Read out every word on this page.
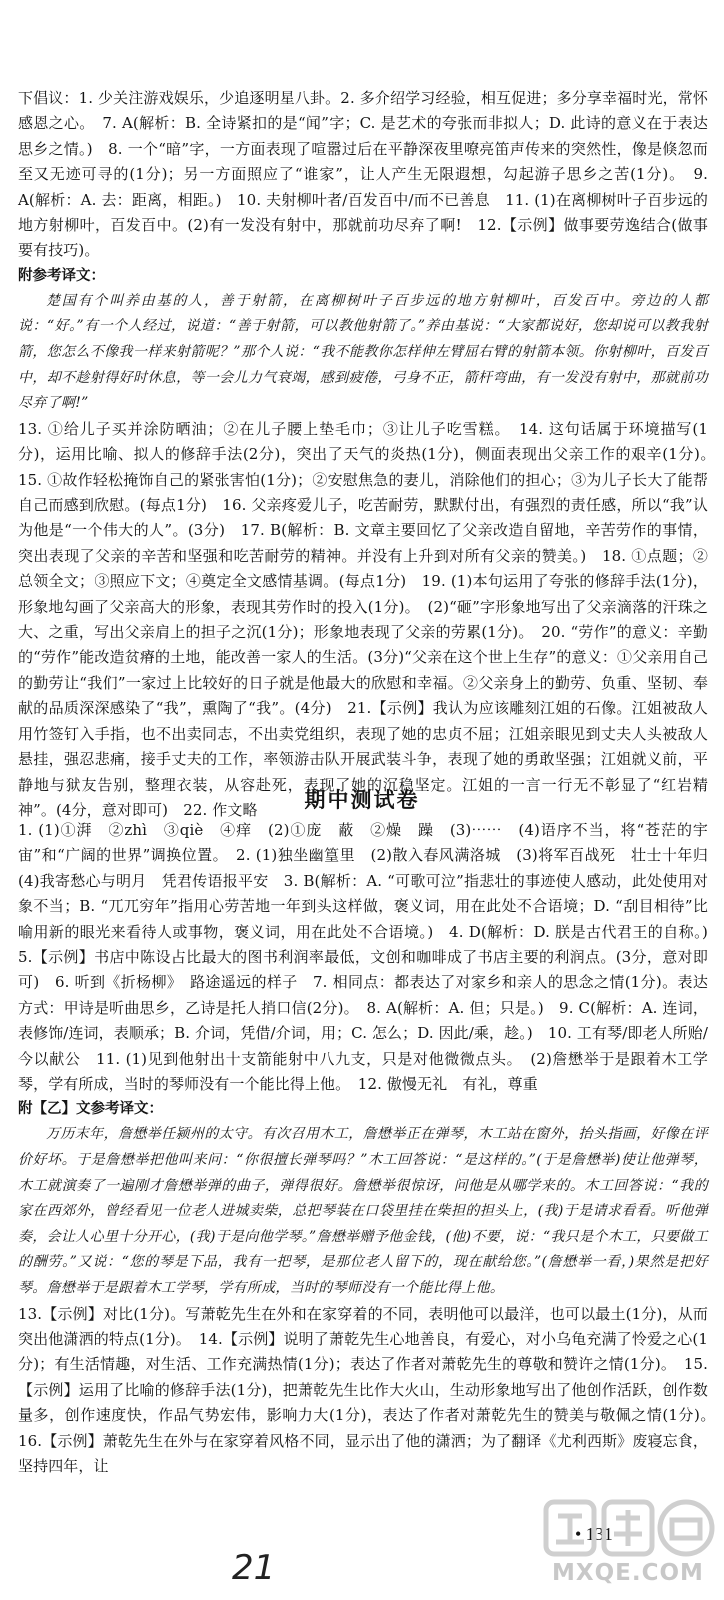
下倡议：1. 少关注游戏娱乐，少追逐明星八卦。2. 多介绍学习经验，相互促进；多分享幸福时光，常怀感恩之心。　7. A(解析：B. 全诗紧扣的是“闻”字；C. 是艺术的夸张而非拟人；D. 此诗的意义在于表达思乡之情。)　8. 一个“暗”字，一方面表现了喧嚣过后在平静深夜里嘹亮笛声传来的突然性，像是倏忽而至又无迹可寻的(1分)；另一方面照应了“谁家”，让人产生无限遐想，勾起游子思乡之苦(1分)。　9. A(解析：A. 去：距离，相距。)　10. 夫射柳叶者/百发百中/而不已善息　11. (1)在离柳树叶子百步远的地方射柳叶，百发百中。(2)有一发没有射中，那就前功尽弃了啊!　12.【示例】做事要劳逸结合(做事要有技巧)。

附参考译文：

楚国有个叫养由基的人，善于射箭，在离柳树叶子百步远的地方射柳叶，百发百中。旁边的人都说：“好。”有一个人经过，说道：“善于射箭，可以教他射箭了。”养由基说：“大家都说好，您却说可以教我射箭，您怎么不像我一样来射箭呢？”那个人说：“我不能教你怎样伸左臂屈右臂的射箭本领。你射柳叶，百发百中，却不趁射得好时休息，等一会儿力气衰竭，感到疲倦，弓身不正，箭杆弯曲，有一发没有射中，那就前功尽弃了啊!”

13. ①给儿子买并涂防晒油；②在儿子腰上垫毛巾；③让儿子吃雪糕。　14. 这句话属于环境描写(1分)，运用比喻、拟人的修辞手法(2分)，突出了天气的炎热(1分)，侧面表现出父亲工作的艰辛(1分)。　15. ①故作轻松掩饰自己的紧张害怕(1分)；②安慰焦急的妻儿，消除他们的担心；③为儿子长大了能帮自己而感到欣慰。(每点1分)　16. 父亲疼爱儿子，吃苦耐劳，默默付出，有强烈的责任感，所以“我”认为他是“一个伟大的人”。(3分)　17. B(解析：B. 文章主要回忆了父亲改造自留地，辛苦劳作的事情，突出表现了父亲的辛苦和坚强和吃苦耐劳的精神。并没有上升到对所有父亲的赞美。)　18. ①点题；②总领全文；③照应下文；④奠定全文感情基调。(每点1分)　19. (1)本句运用了夸张的修辞手法(1分)，形象地勾画了父亲高大的形象，表现其劳作时的投入(1分)。　(2)“砸”字形象地写出了父亲滴落的汗珠之大、之重，写出父亲肩上的担子之沉(1分)；形象地表现了父亲的劳累(1分)。　20. “劳作”的意义：辛勤的“劳作”能改造贫瘠的土地，能改善一家人的生活。(3分)“父亲在这个世上生存”的意义：①父亲用自己的勤劳让“我们”一家过上比较好的日子就是他最大的欣慰和幸福。②父亲身上的勤劳、负重、坚韧、奉献的品质深深感染了“我”，熏陶了“我”。(4分)　21.【示例】我认为应该雕刻江姐的石像。江姐被敌人用竹签钉入手指，也不出卖同志，不出卖党组织，表现了她的忠贞不屈；江姐亲眼见到丈夫人头被敌人悬挂，强忍悲痛，接手丈夫的工作，率领游击队开展武装斗争，表现了她的勇敢坚强；江姐就义前，平静地与狱友告别，整理衣装，从容赴死，表现了她的沉稳坚定。江姐的一言一行无不彰显了“红岩精神”。(4分，意对即可)　22. 作文略	期中测试卷

1. (1)①湃　②zhì　③qiè　④痒　(2)①庞　蔽　②燥　躁　(3)⋯⋯　(4)语序不当，将“苍茫的宇宙”和“广阔的世界”调换位置。　2. (1)独坐幽篁里　(2)散入春风满洛城　(3)将军百战死　壮士十年归　(4)我寄愁心与明月　凭君传语报平安　3. B(解析：A. “可歌可泣”指悲壮的事迹使人感动，此处使用对象不当；B. “兀兀穷年”指用心劳苦地一年到头这样做，褒义词，用在此处不合语境；D. “刮目相待”比喻用新的眼光来看待人或事物，褒义词，用在此处不合语境。)　4. D(解析：D. 朕是古代君王的自称。)　5.【示例】书店中陈设占比最大的图书利润率最低，文创和咖啡成了书店主要的利润点。(3分，意对即可)　6. 听到《折杨柳》　路途遥远的样子　7. 相同点：都表达了对家乡和亲人的思念之情(1分)。表达方式：甲诗是听曲思乡，乙诗是托人捎口信(2分)。　8. A(解析：A. 但；只是。)　9. C(解析：A. 连词，表修饰/连词，表顺承；B. 介词，凭借/介词，用；C. 怎么；D. 因此/乘，趁。)　10. 工有琴/即老人所贻/今以献公　11. (1)见到他射出十支箭能射中八九支，只是对他微微点头。　(2)詹懋举于是跟着木工学琴，学有所成，当时的琴师没有一个能比得上他。　12. 傲慢无礼　有礼，尊重

附【乙】文参考译文：

万历末年，詹懋举任颍州的太守。有次召用木工，詹懋举正在弹琴，木工站在窗外，抬头指画，好像在评价好坏。于是詹懋举把他叫来问：“你很擅长弹琴吗？”木工回答说：“是这样的。”(于是詹懋举)使让他弹琴，木工就演奏了一遍刚才詹懋举弹的曲子，弹得很好。詹懋举很惊讶，问他是从哪学来的。木工回答说：“我的家在西郊外，曾经看见一位老人进城卖柴，总把琴装在口袋里挂在柴担的担头上，(我)于是请求看看。听他弹奏，会让人心里十分开心，(我)于是向他学琴。”詹懋举赠予他金钱，(他)不要，说：“我只是个木工，只要做工的酬劳。”又说：“您的琴是下品，我有一把琴，是那位老人留下的，现在献给您。”(詹懋举一看，)果然是把好琴。詹懋举于是跟着木工学琴，学有所成，当时的琴师没有一个能比得上他。

13.【示例】对比(1分)。写萧乾先生在外和在家穿着的不同，表明他可以最洋，也可以最土(1分)，从而突出他潇洒的特点(1分)。　14.【示例】说明了萧乾先生心地善良，有爱心，对小乌龟充满了怜爱之心(1分)；有生活情趣，对生活、工作充满热情(1分)；表达了作者对萧乾先生的尊敬和赞许之情(1分)。　15.【示例】运用了比喻的修辞手法(1分)，把萧乾先生比作大火山，生动形象地写出了他创作活跃，创作数量多，创作速度快，作品气势宏伟，影响力大(1分)，表达了作者对萧乾先生的赞美与敬佩之情(1分)。　16.【示例】萧乾先生在外与在家穿着风格不同，显示出了他的潇洒；为了翻译《尤利西斯》废寝忘食，坚持四年，让

• 131 •
21	MXQE.COM
